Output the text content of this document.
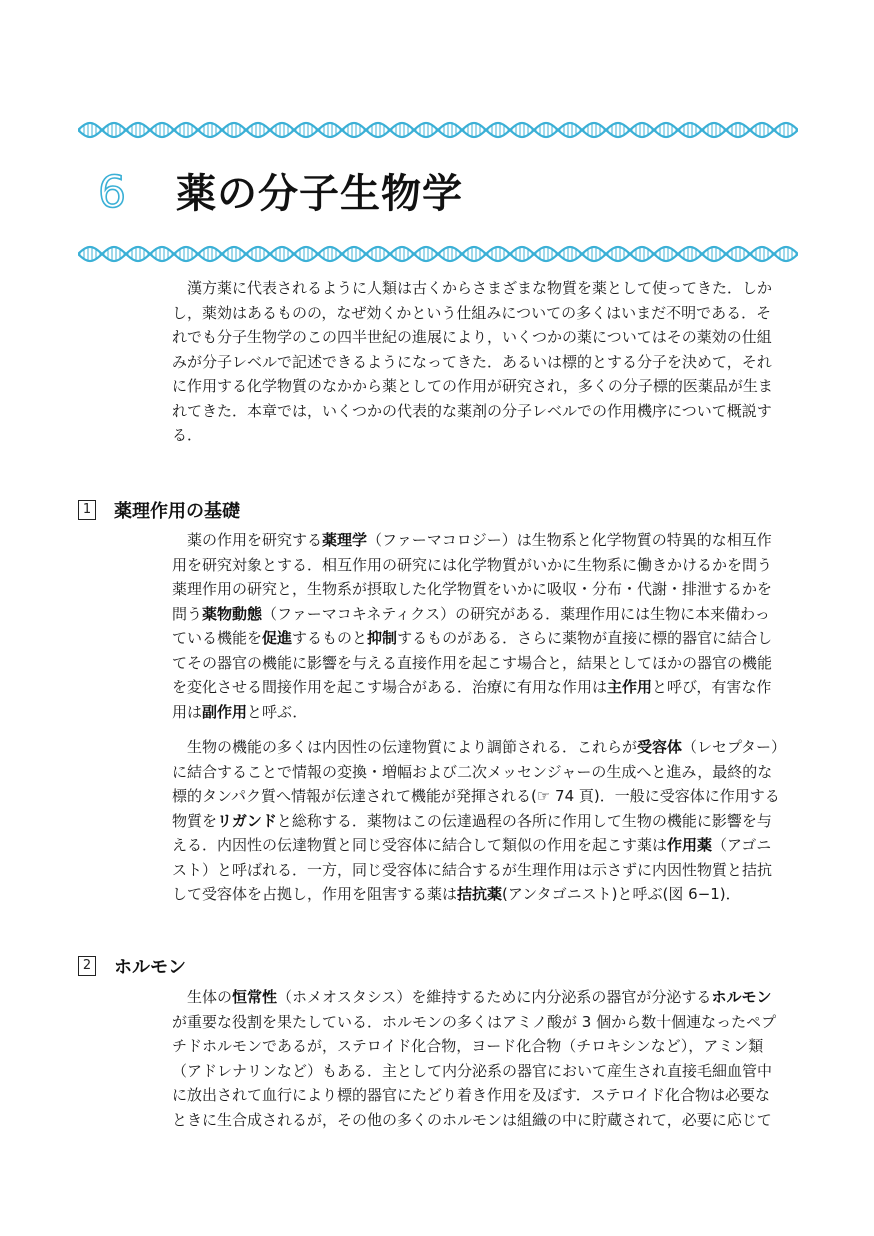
6 薬の分子生物学
漢方薬に代表されるように人類は古くからさまざまな物質を薬として使ってきた．しか
し，薬効はあるものの，なぜ効くかという仕組みについての多くはいまだ不明である．そ
れでも分子生物学のこの四半世紀の進展により，いくつかの薬についてはその薬効の仕組
みが分子レベルで記述できるようになってきた．あるいは標的とする分子を決めて，それ
に作用する化学物質のなかから薬としての作用が研究され，多くの分子標的医薬品が生ま
れてきた．本章では，いくつかの代表的な薬剤の分子レベルでの作用機序について概説す
る．
1 薬理作用の基礎
薬の作用を研究する薬理学（ファーマコロジー）は生物系と化学物質の特異的な相互作
用を研究対象とする．相互作用の研究には化学物質がいかに生物系に働きかけるかを問う
薬理作用の研究と，生物系が摂取した化学物質をいかに吸収・分布・代謝・排泄するかを
問う薬物動態（ファーマコキネティクス）の研究がある．薬理作用には生物に本来備わっ
ている機能を促進するものと抑制するものがある．さらに薬物が直接に標的器官に結合し
てその器官の機能に影響を与える直接作用を起こす場合と，結果としてほかの器官の機能
を変化させる間接作用を起こす場合がある．治療に有用な作用は主作用と呼び，有害な作
用は副作用と呼ぶ．
生物の機能の多くは内因性の伝達物質により調節される．これらが受容体（レセプター）
に結合することで情報の変換・増幅および二次メッセンジャーの生成へと進み，最終的な
標的タンパク質へ情報が伝達されて機能が発揮される(☞ 74 頁)．一般に受容体に作用する
物質をリガンドと総称する．薬物はこの伝達過程の各所に作用して生物の機能に影響を与
える．内因性の伝達物質と同じ受容体に結合して類似の作用を起こす薬は作用薬（アゴニ
スト）と呼ばれる．一方，同じ受容体に結合するが生理作用は示さずに内因性物質と拮抗
して受容体を占拠し，作用を阻害する薬は拮抗薬(アンタゴニスト)と呼ぶ(図 6−1)．
2 ホルモン
生体の恒常性（ホメオスタシス）を維持するために内分泌系の器官が分泌するホルモン
が重要な役割を果たしている．ホルモンの多くはアミノ酸が 3 個から数十個連なったペプ
チドホルモンであるが，ステロイド化合物，ヨード化合物（チロキシンなど），アミン類
（アドレナリンなど）もある．主として内分泌系の器官において産生され直接毛細血管中
に放出されて血行により標的器官にたどり着き作用を及ぼす．ステロイド化合物は必要な
ときに生合成されるが，その他の多くのホルモンは組織の中に貯蔵されて，必要に応じて
